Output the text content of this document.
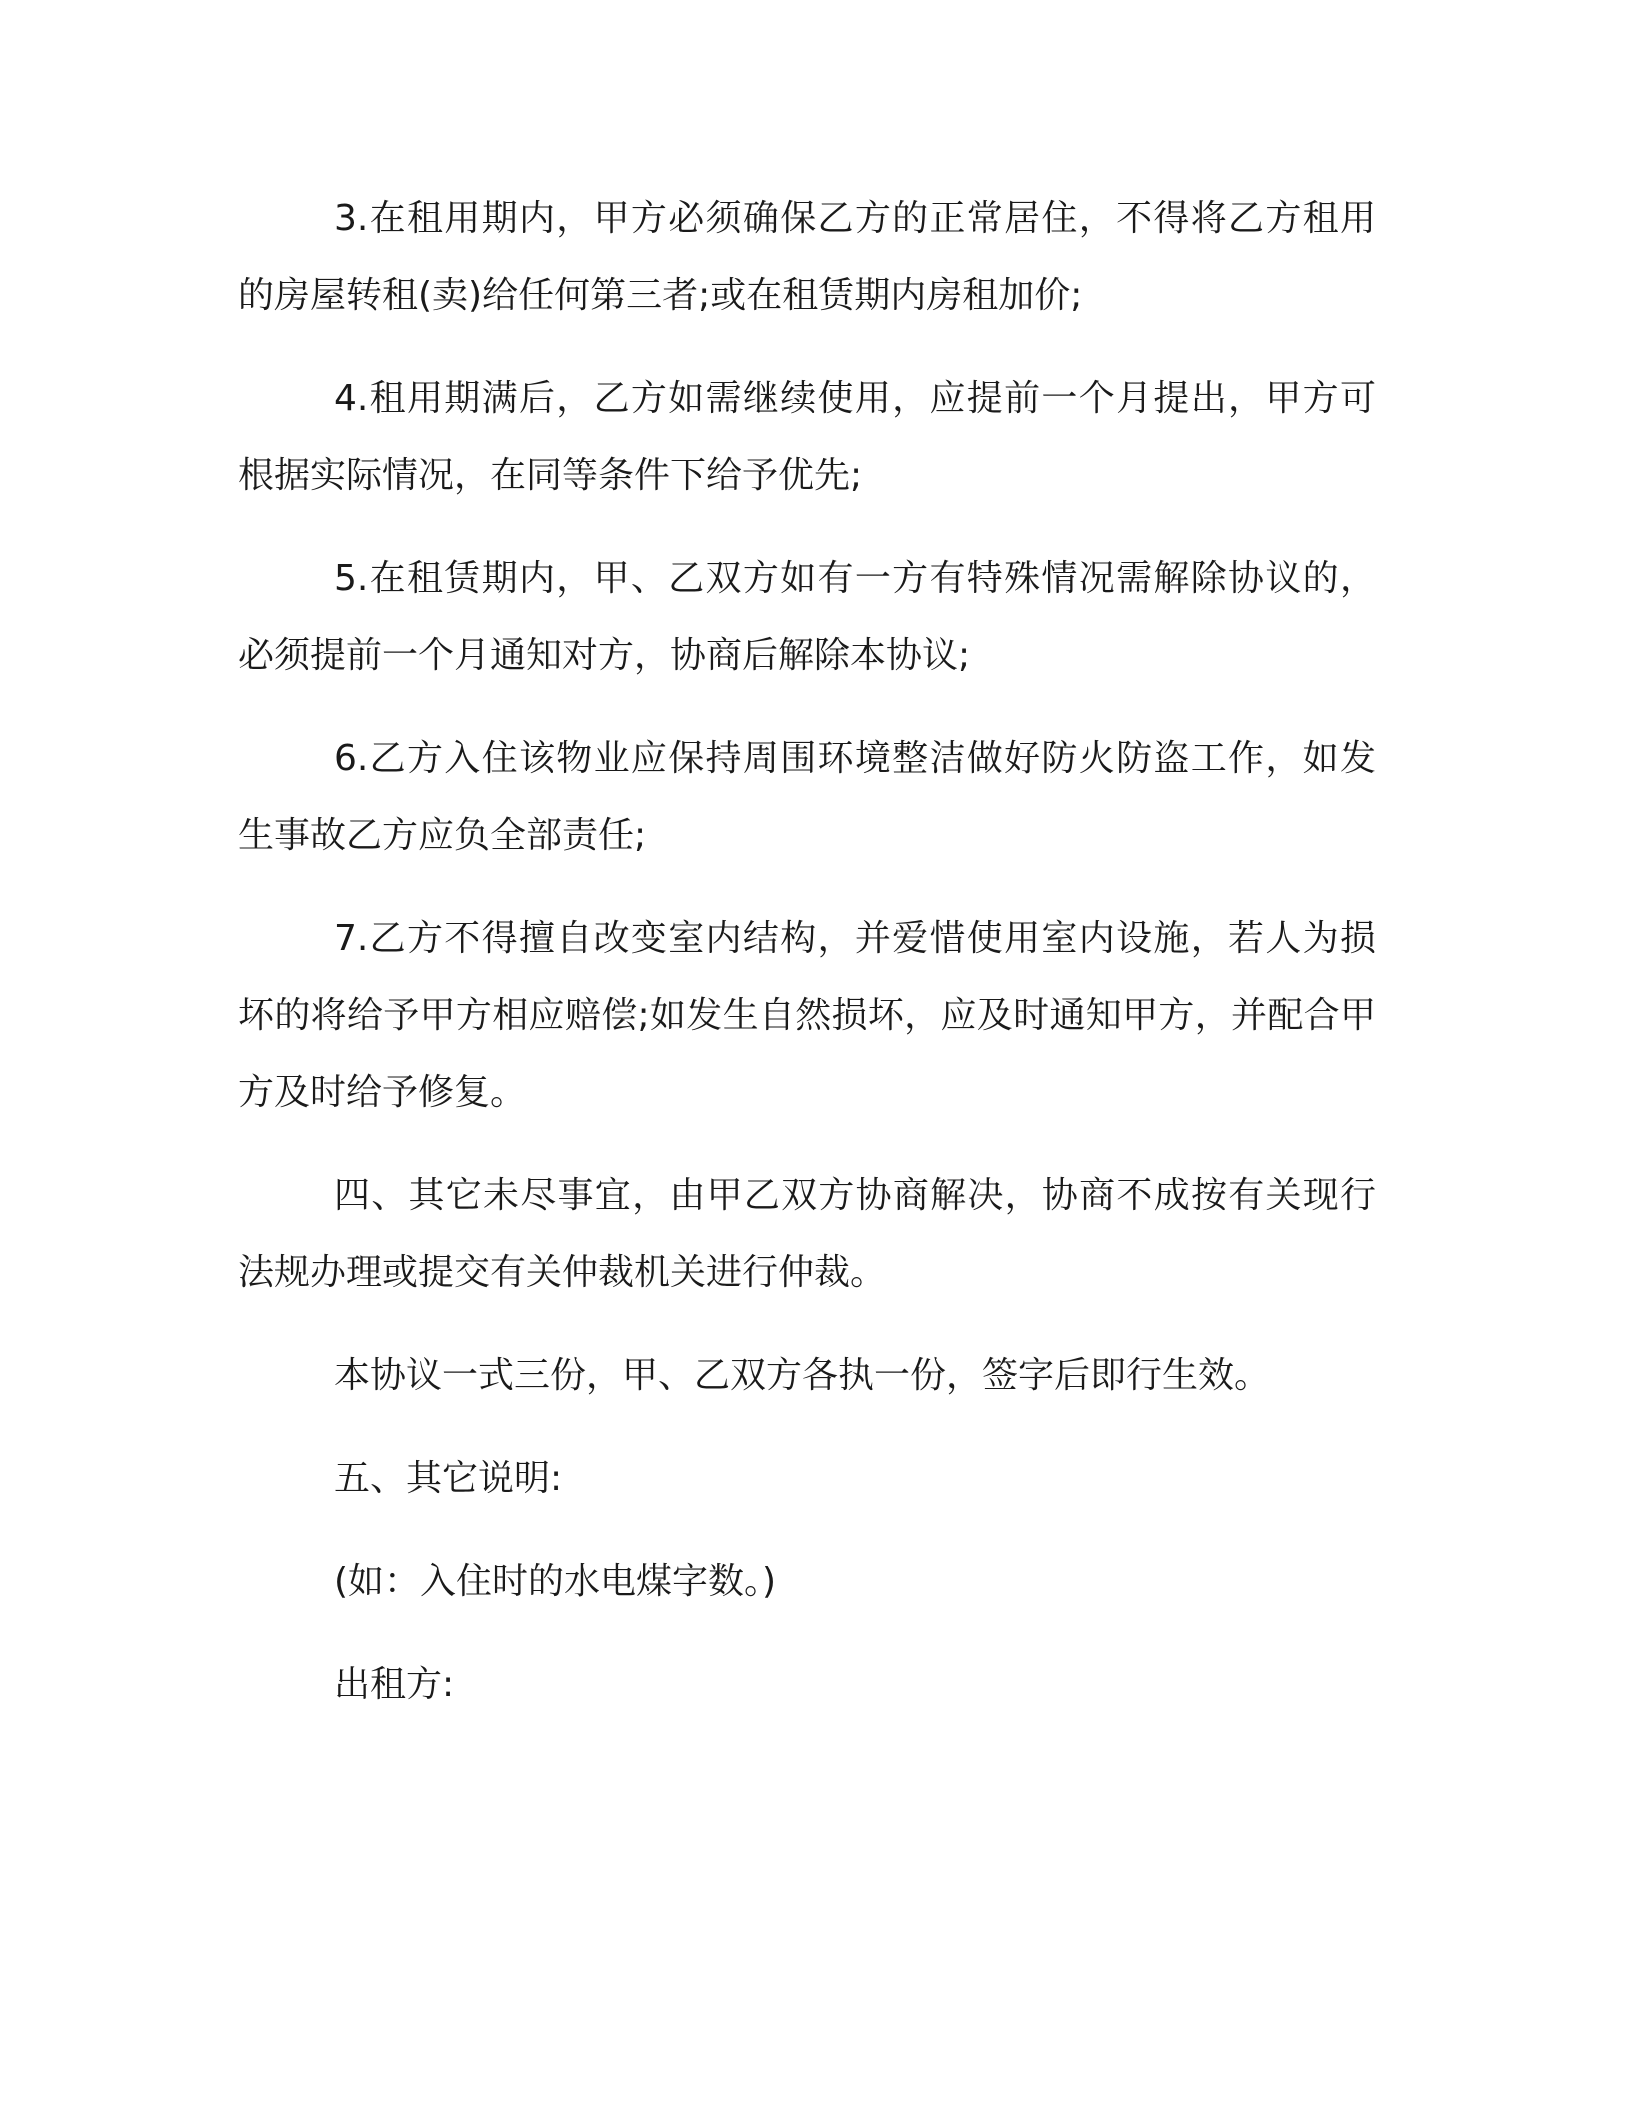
3.在租用期内，甲方必须确保乙方的正常居住，不得将乙方租用的房屋转租(卖)给任何第三者;或在租赁期内房租加价;

4.租用期满后，乙方如需继续使用，应提前一个月提出，甲方可根据实际情况，在同等条件下给予优先;

5.在租赁期内，甲、乙双方如有一方有特殊情况需解除协议的，必须提前一个月通知对方，协商后解除本协议;

6.乙方入住该物业应保持周围环境整洁做好防火防盗工作，如发生事故乙方应负全部责任;

7.乙方不得擅自改变室内结构，并爱惜使用室内设施，若人为损坏的将给予甲方相应赔偿;如发生自然损坏，应及时通知甲方，并配合甲方及时给予修复。

四、其它未尽事宜，由甲乙双方协商解决，协商不成按有关现行法规办理或提交有关仲裁机关进行仲裁。

本协议一式三份，甲、乙双方各执一份，签字后即行生效。

五、其它说明:

(如：入住时的水电煤字数。)

出租方:
